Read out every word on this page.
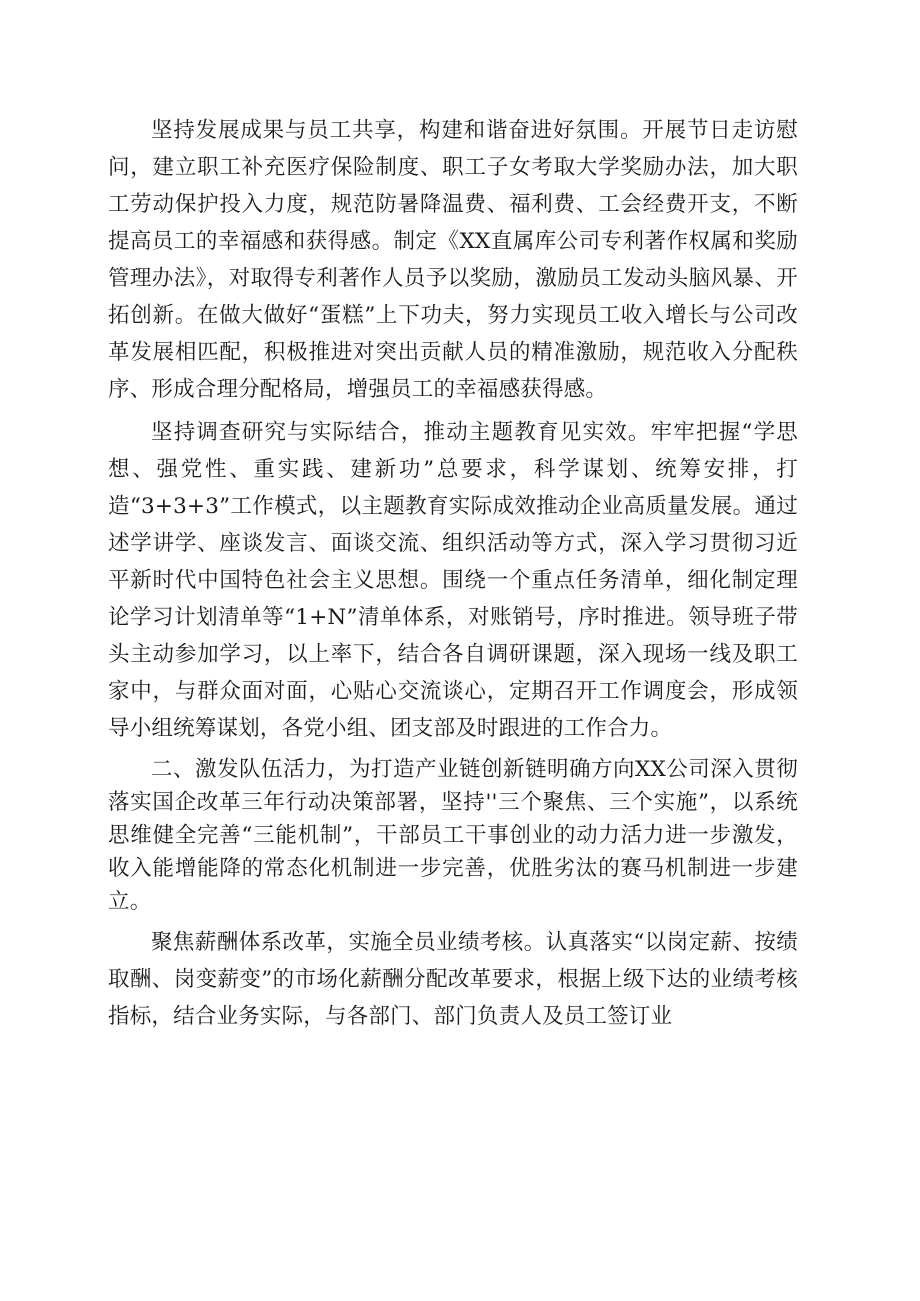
坚持发展成果与员工共享，构建和谐奋进好氛围。开展节日走访慰问，建立职工补充医疗保险制度、职工子女考取大学奖励办法，加大职工劳动保护投入力度，规范防暑降温费、福利费、工会经费开支，不断提高员工的幸福感和获得感。制定《XX直属库公司专利著作权属和奖励管理办法》，对取得专利著作人员予以奖励，激励员工发动头脑风暴、开拓创新。在做大做好“蛋糕”上下功夫，努力实现员工收入增长与公司改革发展相匹配，积极推进对突出贡献人员的精准激励，规范收入分配秩序、形成合理分配格局，增强员工的幸福感获得感。

坚持调查研究与实际结合，推动主题教育见实效。牢牢把握“学思想、强党性、重实践、建新功”总要求，科学谋划、统筹安排，打造“3+3+3”工作模式，以主题教育实际成效推动企业高质量发展。通过述学讲学、座谈发言、面谈交流、组织活动等方式，深入学习贯彻习近平新时代中国特色社会主义思想。围绕一个重点任务清单，细化制定理论学习计划清单等“1+N”清单体系，对账销号，序时推进。领导班子带头主动参加学习，以上率下，结合各自调研课题，深入现场一线及职工家中，与群众面对面，心贴心交流谈心，定期召开工作调度会，形成领导小组统筹谋划，各党小组、团支部及时跟进的工作合力。

二、激发队伍活力，为打造产业链创新链明确方向XX公司深入贯彻落实国企改革三年行动决策部署，坚持''三个聚焦、三个实施”，以系统思维健全完善“三能机制”，干部员工干事创业的动力活力进一步激发，收入能增能降的常态化机制进一步完善，优胜劣汰的赛马机制进一步建立。

聚焦薪酬体系改革，实施全员业绩考核。认真落实“以岗定薪、按绩取酬、岗变薪变”的市场化薪酬分配改革要求，根据上级下达的业绩考核指标，结合业务实际，与各部门、部门负责人及员工签订业
